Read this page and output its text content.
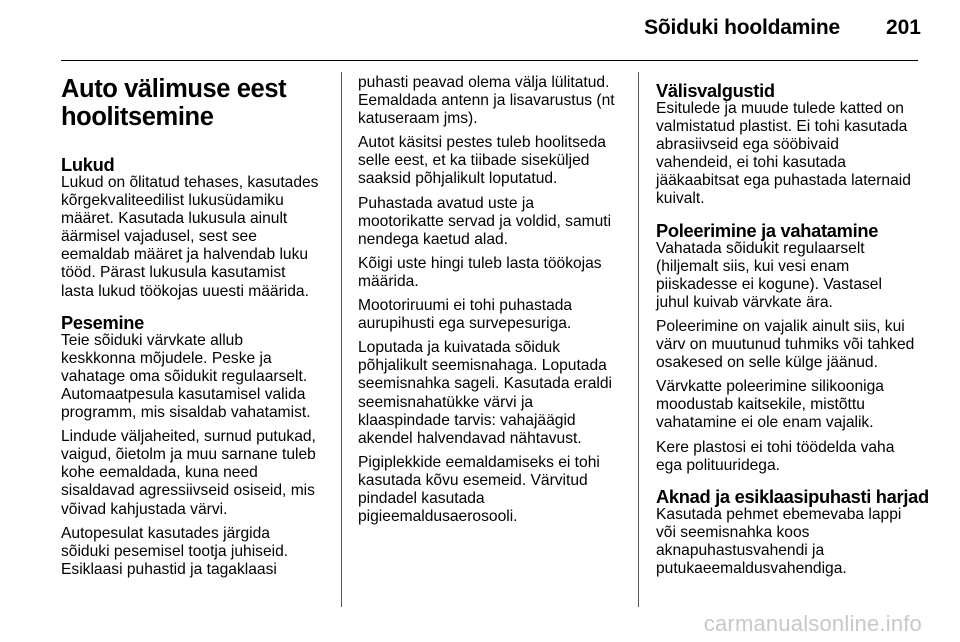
Sõiduki hooldamine 201
Auto välimuse eest
hoolitsemine
Lukud

Lukud on õlitatud tehases, kasutades
kõrgekvaliteedilist lukusüdamiku
määret. Kasutada lukusula ainult
äärmisel vajadusel, sest see
eemaldab määret ja halvendab luku
tööd. Pärast lukusula kasutamist
lasta lukud töökojas uuesti määrida.

Pesemine

Teie sõiduki värvkate allub
keskkonna mõjudele. Peske ja
vahatage oma sõidukit regulaarselt.
Automaatpesula kasutamisel valida
programm, mis sisaldab vahatamist.

Lindude väljaheited, surnud putukad,
vaigud, õietolm ja muu sarnane tuleb
kohe eemaldada, kuna need
sisaldavad agressiivseid osiseid, mis
võivad kahjustada värvi.

Autopesulat kasutades järgida
sõiduki pesemisel tootja juhiseid.
Esiklaasi puhastid ja tagaklaasi

puhasti peavad olema välja lülitatud.
Eemaldada antenn ja lisavarustus (nt
katuseraam jms).

Autot käsitsi pestes tuleb hoolitseda
selle eest, et ka tiibade siseküljed
saaksid põhjalikult loputatud.

Puhastada avatud uste ja
mootorikatte servad ja voldid, samuti
nendega kaetud alad.

Kõigi uste hingi tuleb lasta töökojas
määrida.

Mootoriruumi ei tohi puhastada
aurupihusti ega survepesuriga.

Loputada ja kuivatada sõiduk
põhjalikult seemisnahaga. Loputada
seemisnahka sageli. Kasutada eraldi
seemisnahatükke värvi ja
klaaspindade tarvis: vahajäägid
akendel halvendavad nähtavust.

Pigiplekkide eemaldamiseks ei tohi
kasutada kõvu esemeid. Värvitud
pindadel kasutada
pigieemaldusaerosooli.

Välisvalgustid

Esitulede ja muude tulede katted on
valmistatud plastist. Ei tohi kasutada
abrasiivseid ega sööbivaid
vahendeid, ei tohi kasutada
jääkaabitsat ega puhastada laternaid
kuivalt.

Poleerimine ja vahatamine

Vahatada sõidukit regulaarselt
(hiljemalt siis, kui vesi enam
piiskadesse ei kogune). Vastasel
juhul kuivab värvkate ära.

Poleerimine on vajalik ainult siis, kui
värv on muutunud tuhmiks või tahked
osakesed on selle külge jäänud.

Värvkatte poleerimine silikooniga
moodustab kaitsekile, mistõttu
vahatamine ei ole enam vajalik.

Kere plastosi ei tohi töödelda vaha
ega polituuridega.

Aknad ja esiklaasipuhasti harjad

Kasutada pehmet ebemevaba lappi
või seemisnahka koos
aknapuhastusvahendi ja
putukaeemaldusvahendiga.

carmanualsonline.info
